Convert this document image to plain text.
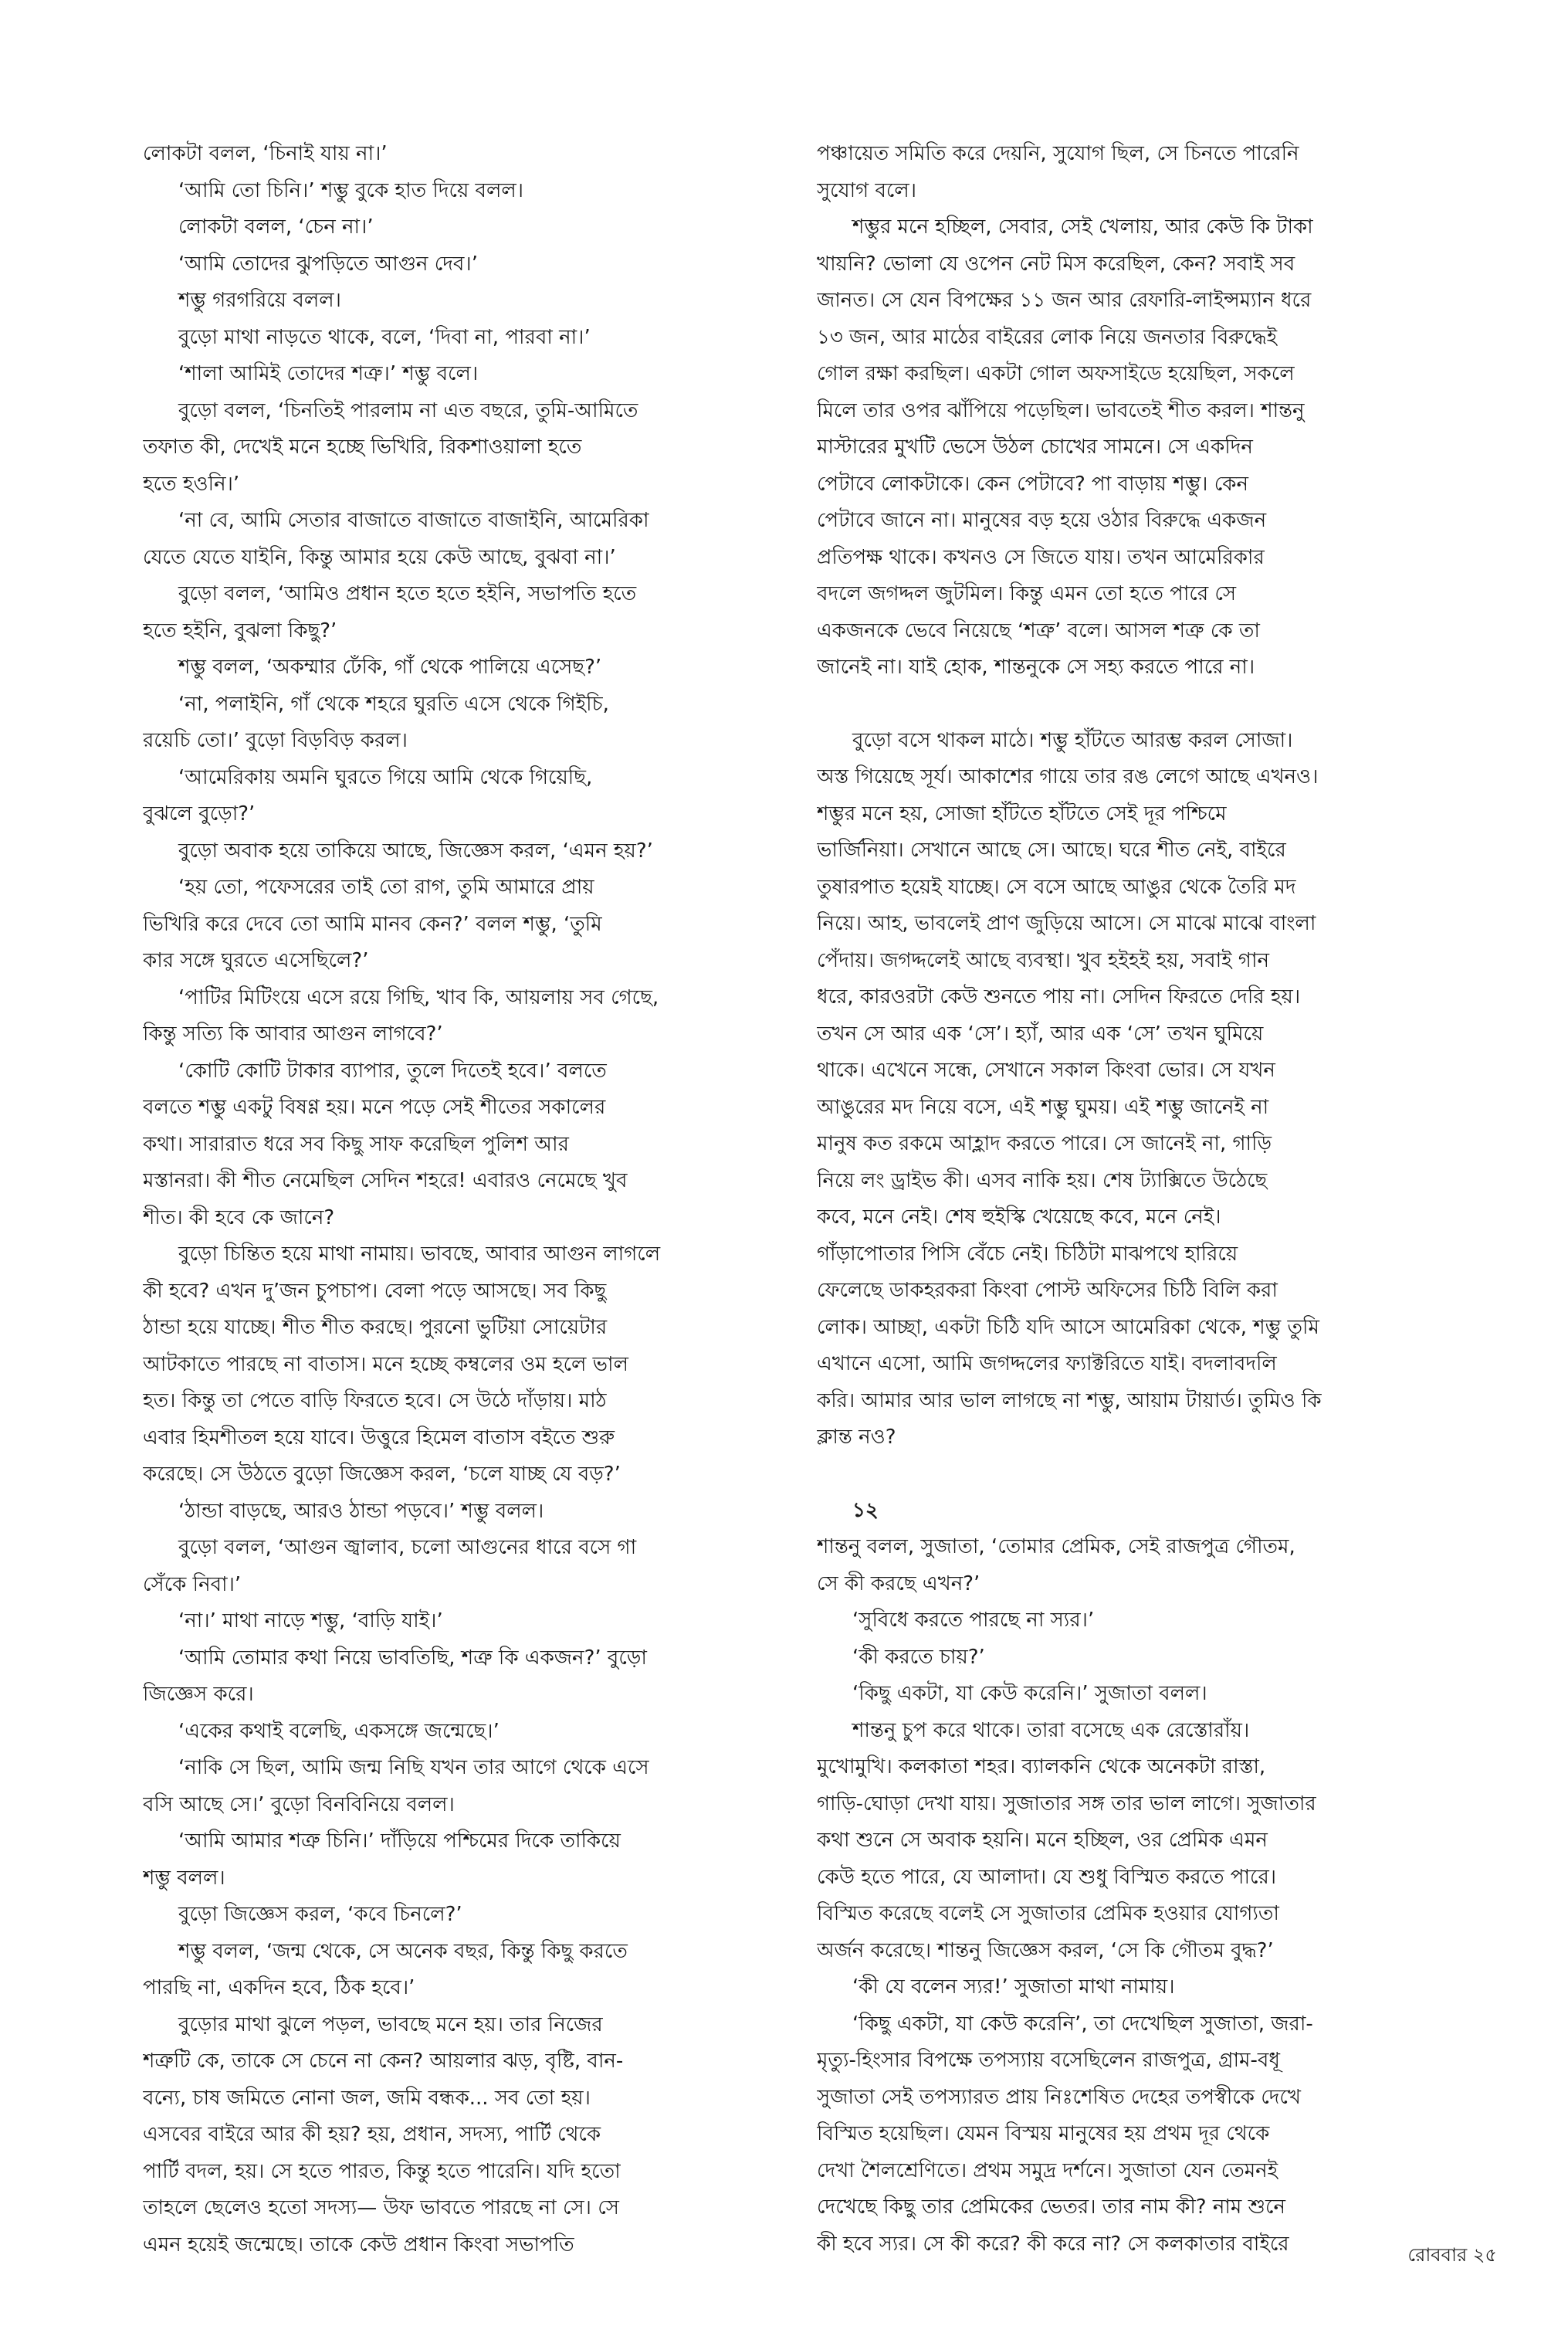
লোকটা বলল, ‘চিনাই যায় না।’

‘আমি তো চিনি।’ শম্ভু বুকে হাত দিয়ে বলল।

লোকটা বলল, ‘চেন না।’

‘আমি তোদের ঝুপড়িতে আগুন দেব।’

শম্ভু গরগরিয়ে বলল।

বুড়ো মাথা নাড়তে থাকে, বলে, ‘দিবা না, পারবা না।’

‘শালা আমিই তোদের শত্রু।’ শম্ভু বলে।

বুড়ো বলল, ‘চিনতিই পারলাম না এত বছরে, তুমি-আমিতে

তফাত কী, দেখেই মনে হচ্ছে ভিখিরি, রিকশাওয়ালা হতে

হতে হওনি।’

‘না বে, আমি সেতার বাজাতে বাজাতে বাজাইনি, আমেরিকা

যেতে যেতে যাইনি, কিন্তু আমার হয়ে কেউ আছে, বুঝবা না।’

বুড়ো বলল, ‘আমিও প্রধান হতে হতে হইনি, সভাপতি হতে

হতে হইনি, বুঝলা কিছু?’

শম্ভু বলল, ‘অকম্মার ঢেঁকি, গাঁ থেকে পালিয়ে এসেছ?’

‘না, পলাইনি, গাঁ থেকে শহরে ঘুরতি এসে থেকে গিইচি,

রয়েচি তো।’ বুড়ো বিড়বিড় করল।

‘আমেরিকায় অমনি ঘুরতে গিয়ে আমি থেকে গিয়েছি,

বুঝলে বুড়ো?’

বুড়ো অবাক হয়ে তাকিয়ে আছে, জিজ্ঞেস করল, ‘এমন হয়?’

‘হয় তো, পফেসরের তাই তো রাগ, তুমি আমারে প্রায়

ভিখিরি করে দেবে তো আমি মানব কেন?’ বলল শম্ভু, ‘তুমি

কার সঙ্গে ঘুরতে এসেছিলে?’

‘পাটির মিটিংয়ে এসে রয়ে গিছি, খাব কি, আয়লায় সব গেছে,

কিন্তু সত্যি কি আবার আগুন লাগবে?’

‘কোটি কোটি টাকার ব্যাপার, তুলে দিতেই হবে।’ বলতে

বলতে শম্ভু একটু বিষণ্ণ হয়। মনে পড়ে সেই শীতের সকালের

কথা। সারারাত ধরে সব কিছু সাফ করেছিল পুলিশ আর

মস্তানরা। কী শীত নেমেছিল সেদিন শহরে! এবারও নেমেছে খুব

শীত। কী হবে কে জানে?

বুড়ো চিন্তিত হয়ে মাথা নামায়। ভাবছে, আবার আগুন লাগলে

কী হবে? এখন দু’জন চুপচাপ। বেলা পড়ে আসছে। সব কিছু

ঠান্ডা হয়ে যাচ্ছে। শীত শীত করছে। পুরনো ভুটিয়া সোয়েটার

আটকাতে পারছে না বাতাস। মনে হচ্ছে কম্বলের ওম হলে ভাল

হত। কিন্তু তা পেতে বাড়ি ফিরতে হবে। সে উঠে দাঁড়ায়। মাঠ

এবার হিমশীতল হয়ে যাবে। উত্তুরে হিমেল বাতাস বইতে শুরু

করেছে। সে উঠতে বুড়ো জিজ্ঞেস করল, ‘চলে যাচ্ছ যে বড়?’

‘ঠান্ডা বাড়ছে, আরও ঠান্ডা পড়বে।’ শম্ভু বলল।

বুড়ো বলল, ‘আগুন জ্বালাব, চলো আগুনের ধারে বসে গা

সেঁকে নিবা।’

‘না।’ মাথা নাড়ে শম্ভু, ‘বাড়ি যাই।’

‘আমি তোমার কথা নিয়ে ভাবতিছি, শত্রু কি একজন?’ বুড়ো

জিজ্ঞেস করে।

‘একের কথাই বলেছি, একসঙ্গে জন্মেছে।’

‘নাকি সে ছিল, আমি জন্ম নিছি যখন তার আগে থেকে এসে

বসি আছে সে।’ বুড়ো বিনবিনিয়ে বলল।

‘আমি আমার শত্রু চিনি।’ দাঁড়িয়ে পশ্চিমের দিকে তাকিয়ে

শম্ভু বলল।

বুড়ো জিজ্ঞেস করল, ‘কবে চিনলে?’

শম্ভু বলল, ‘জন্ম থেকে, সে অনেক বছর, কিন্তু কিছু করতে

পারছি না, একদিন হবে, ঠিক হবে।’

বুড়োর মাথা ঝুলে পড়ল, ভাবছে মনে হয়। তার নিজের

শত্রুটি কে, তাকে সে চেনে না কেন? আয়লার ঝড়, বৃষ্টি, বান-

বন্যে, চাষ জমিতে নোনা জল, জমি বন্ধক... সব তো হয়।

এসবের বাইরে আর কী হয়? হয়, প্রধান, সদস্য, পার্টি থেকে

পার্টি বদল, হয়। সে হতে পারত, কিন্তু হতে পারেনি। যদি হতো

তাহলে ছেলেও হতো সদস্য— উফ ভাবতে পারছে না সে। সে

এমন হয়েই জন্মেছে। তাকে কেউ প্রধান কিংবা সভাপতি

পঞ্চায়েত সমিতি করে দেয়নি, সুযোগ ছিল, সে চিনতে পারেনি

সুযোগ বলে।

শম্ভুর মনে হচ্ছিল, সেবার, সেই খেলায়, আর কেউ কি টাকা

খায়নি? ভোলা যে ওপেন নেট মিস করেছিল, কেন? সবাই সব

জানত। সে যেন বিপক্ষের ১১ জন আর রেফারি-লাইন্সম্যান ধরে

১৩ জন, আর মাঠের বাইরের লোক নিয়ে জনতার বিরুদ্ধেই

গোল রক্ষা করছিল। একটা গোল অফসাইডে হয়েছিল, সকলে

মিলে তার ওপর ঝাঁপিয়ে পড়েছিল। ভাবতেই শীত করল। শান্তনু

মাস্টারের মুখটি ভেসে উঠল চোখের সামনে। সে একদিন

পেটাবে লোকটাকে। কেন পেটাবে? পা বাড়ায় শম্ভু। কেন

পেটাবে জানে না। মানুষের বড় হয়ে ওঠার বিরুদ্ধে একজন

প্রতিপক্ষ থাকে। কখনও সে জিতে যায়। তখন আমেরিকার

বদলে জগদ্দল জুটমিল। কিন্তু এমন তো হতে পারে সে

একজনকে ভেবে নিয়েছে ‘শত্রু’ বলে। আসল শত্রু কে তা

জানেই না। যাই হোক, শান্তনুকে সে সহ্য করতে পারে না।

বুড়ো বসে থাকল মাঠে। শম্ভু হাঁটতে আরম্ভ করল সোজা।

অস্ত গিয়েছে সূর্য। আকাশের গায়ে তার রঙ লেগে আছে এখনও।

শম্ভুর মনে হয়, সোজা হাঁটতে হাঁটতে সেই দূর পশ্চিমে

ভার্জিনিয়া। সেখানে আছে সে। আছে। ঘরে শীত নেই, বাইরে

তুষারপাত হয়েই যাচ্ছে। সে বসে আছে আঙুর থেকে তৈরি মদ

নিয়ে। আহ, ভাবলেই প্রাণ জুড়িয়ে আসে। সে মাঝে মাঝে বাংলা

পেঁদায়। জগদ্দলেই আছে ব্যবস্থা। খুব হইহই হয়, সবাই গান

ধরে, কারওরটা কেউ শুনতে পায় না। সেদিন ফিরতে দেরি হয়।

তখন সে আর এক ‘সে’। হ্যাঁ, আর এক ‘সে’ তখন ঘুমিয়ে

থাকে। এখেনে সন্ধে, সেখানে সকাল কিংবা ভোর। সে যখন

আঙুরের মদ নিয়ে বসে, এই শম্ভু ঘুময়। এই শম্ভু জানেই না

মানুষ কত রকমে আহ্লাদ করতে পারে। সে জানেই না, গাড়ি

নিয়ে লং ড্রাইভ কী। এসব নাকি হয়। শেষ ট্যাক্সিতে উঠেছে

কবে, মনে নেই। শেষ হুইস্কি খেয়েছে কবে, মনে নেই।

গাঁড়াপোতার পিসি বেঁচে নেই। চিঠিটা মাঝপথে হারিয়ে

ফেলেছে ডাকহরকরা কিংবা পোস্ট অফিসের চিঠি বিলি করা

লোক। আচ্ছা, একটা চিঠি যদি আসে আমেরিকা থেকে, শম্ভু তুমি

এখানে এসো, আমি জগদ্দলের ফ্যাক্টরিতে যাই। বদলাবদলি

করি। আমার আর ভাল লাগছে না শম্ভু, আয়াম টায়ার্ড। তুমিও কি

ক্লান্ত নও?

১২

শান্তনু বলল, সুজাতা, ‘তোমার প্রেমিক, সেই রাজপুত্র গৌতম,

সে কী করছে এখন?’

‘সুবিধে করতে পারছে না স্যর।’

‘কী করতে চায়?’

‘কিছু একটা, যা কেউ করেনি।’ সুজাতা বলল।

শান্তনু চুপ করে থাকে। তারা বসেছে এক রেস্তোরাঁয়।

মুখোমুখি। কলকাতা শহর। ব্যালকনি থেকে অনেকটা রাস্তা,

গাড়ি-ঘোড়া দেখা যায়। সুজাতার সঙ্গ তার ভাল লাগে। সুজাতার

কথা শুনে সে অবাক হয়নি। মনে হচ্ছিল, ওর প্রেমিক এমন

কেউ হতে পারে, যে আলাদা। যে শুধু বিস্মিত করতে পারে।

বিস্মিত করেছে বলেই সে সুজাতার প্রেমিক হওয়ার যোগ্যতা

অর্জন করেছে। শান্তনু জিজ্ঞেস করল, ‘সে কি গৌতম বুদ্ধ?’

‘কী যে বলেন স্যর!’ সুজাতা মাথা নামায়।

‘কিছু একটা, যা কেউ করেনি’, তা দেখেছিল সুজাতা, জরা-

মৃত্যু-হিংসার বিপক্ষে তপস্যায় বসেছিলেন রাজপুত্র, গ্রাম-বধূ

সুজাতা সেই তপস্যারত প্রায় নিঃশেষিত দেহের তপস্বীকে দেখে

বিস্মিত হয়েছিল। যেমন বিস্ময় মানুষের হয় প্রথম দূর থেকে

দেখা শৈলশ্রেণিতে। প্রথম সমুদ্র দর্শনে। সুজাতা যেন তেমনই

দেখেছে কিছু তার প্রেমিকের ভেতর। তার নাম কী? নাম শুনে

কী হবে স্যর। সে কী করে? কী করে না? সে কলকাতার বাইরে	রোববার ২৫
